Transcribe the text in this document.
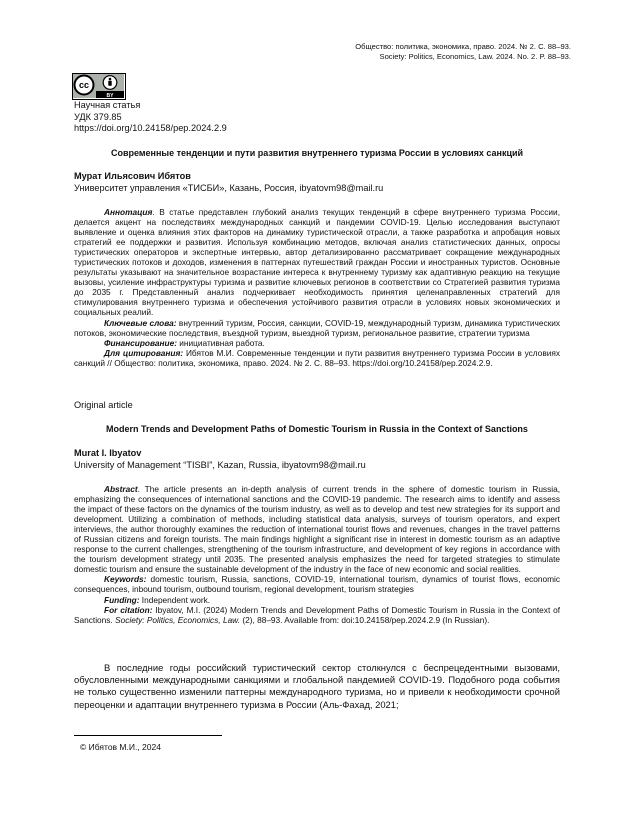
Общество: политика, экономика, право. 2024. № 2. С. 88–93.
Society: Politics, Economics, Law. 2024. No. 2. P. 88–93.
cc
BY
Научная статья
УДК 379.85
https://doi.org/10.24158/pep.2024.2.9
Современные тенденции и пути развития внутреннего туризма России в условиях санкций
Мурат Ильясович Ибятов
Университет управления «ТИСБИ», Казань, Россия, ibyatovm98@mail.ru

Аннотация. В статье представлен глубокий анализ текущих тенденций в сфере внутреннего туризма России, делается акцент на последствиях международных санкций и пандемии COVID-19. Целью исследования выступают выявление и оценка влияния этих факторов на динамику туристической отрасли, а также разработка и апробация новых стратегий ее поддержки и развития. Используя комбинацию методов, включая анализ статистических данных, опросы туристических операторов и экспертные интервью, автор детализированно рассматривает сокращение международных туристических потоков и доходов, изменения в паттернах путешествий граждан России и иностранных туристов. Основные результаты указывают на значительное возрастание интереса к внутреннему туризму как адаптивную реакцию на текущие вызовы, усиление инфраструктуры туризма и развитие ключевых регионов в соответствии со Стратегией развития туризма до 2035 г. Представленный анализ подчеркивает необходимость принятия целенаправленных стратегий для стимулирования внутреннего туризма и обеспечения устойчивого развития отрасли в условиях новых экономических и социальных реалий.

Ключевые слова: внутренний туризм, Россия, санкции, COVID-19, международный туризм, динамика туристических потоков, экономические последствия, въездной туризм, выездной туризм, региональное развитие, стратегии туризма

Финансирование: инициативная работа.

Для цитирования: Ибятов М.И. Современные тенденции и пути развития внутреннего туризма России в условиях санкций // Общество: политика, экономика, право. 2024. № 2. С. 88–93. https://doi.org/10.24158/pep.2024.2.9.

Original article
Modern Trends and Development Paths of Domestic Tourism in Russia in the Context of Sanctions
Murat I. Ibyatov
University of Management “TISBI”, Kazan, Russia, ibyatovm98@mail.ru

Abstract. The article presents an in-depth analysis of current trends in the sphere of domestic tourism in Russia, emphasizing the consequences of international sanctions and the COVID-19 pandemic. The research aims to identify and assess the impact of these factors on the dynamics of the tourism industry, as well as to develop and test new strategies for its support and development. Utilizing a combination of methods, including statistical data analysis, surveys of tourism operators, and expert interviews, the author thoroughly examines the reduction of international tourist flows and revenues, changes in the travel patterns of Russian citizens and foreign tourists. The main findings highlight a significant rise in interest in domestic tourism as an adaptive response to the current challenges, strengthening of the tourism infrastructure, and development of key regions in accordance with the tourism development strategy until 2035. The presented analysis emphasizes the need for targeted strategies to stimulate domestic tourism and ensure the sustainable development of the industry in the face of new economic and social realities.

Keywords: domestic tourism, Russia, sanctions, COVID-19, international tourism, dynamics of tourist flows, economic consequences, inbound tourism, outbound tourism, regional development, tourism strategies

Funding: Independent work.

For citation: Ibyatov, M.I. (2024) Modern Trends and Development Paths of Domestic Tourism in Russia in the Context of Sanctions. Society: Politics, Economics, Law. (2), 88–93. Available from: doi:10.24158/pep.2024.2.9 (In Russian).

В последние годы российский туристический сектор столкнулся с беспрецедентными вызовами, обусловленными международными санкциями и глобальной пандемией COVID-19. Подобного рода события не только существенно изменили паттерны международного туризма, но и привели к необходимости срочной переоценки и адаптации внутреннего туризма в России (Аль-Фахад, 2021;

© Ибятов М.И., 2024
